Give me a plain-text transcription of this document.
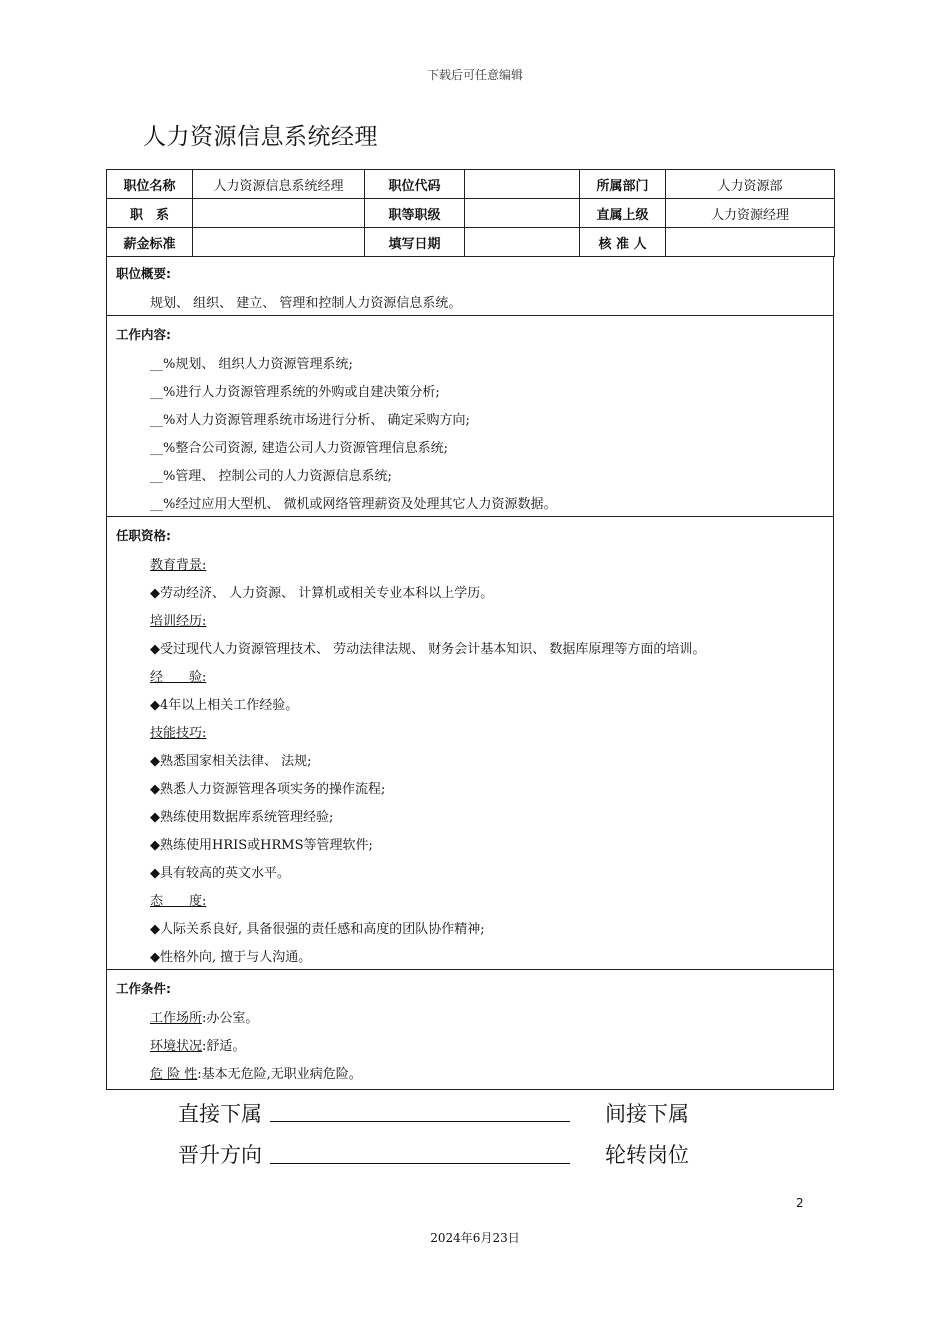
下载后可任意编辑
人力资源信息系统经理
职位名称	人力资源信息系统经理	职位代码		所属部门	人力资源部
职　系		职等职级		直属上级	人力资源经理
薪金标准		填写日期		核 准 人	
职位概要:
规划、 组织、 建立、 管理和控制人力资源信息系统。
工作内容:
__%规划、 组织人力资源管理系统;
__%进行人力资源管理系统的外购或自建决策分析;
__%对人力资源管理系统市场进行分析、 确定采购方向;
__%整合公司资源, 建造公司人力资源管理信息系统;
__%管理、 控制公司的人力资源信息系统;
__%经过应用大型机、 微机或网络管理薪资及处理其它人力资源数据。
任职资格:
教育背景:
◆劳动经济、 人力资源、 计算机或相关专业本科以上学历。
培训经历:
◆受过现代人力资源管理技术、 劳动法律法规、 财务会计基本知识、 数据库原理等方面的培训。
经　　验:
◆4年以上相关工作经验。
技能技巧:
◆熟悉国家相关法律、 法规;
◆熟悉人力资源管理各项实务的操作流程;
◆熟练使用数据库系统管理经验;
◆熟练使用HRIS或HRMS等管理软件;
◆具有较高的英文水平。
态　　度:
◆人际关系良好, 具备很强的责任感和高度的团队协作精神;
◆性格外向, 擅于与人沟通。
工作条件:
工作场所:办公室。
环境状况:舒适。
危 险 性:基本无危险,无职业病危险。
直接下属	间接下属
晋升方向	轮转岗位
2
2024年6月23日
